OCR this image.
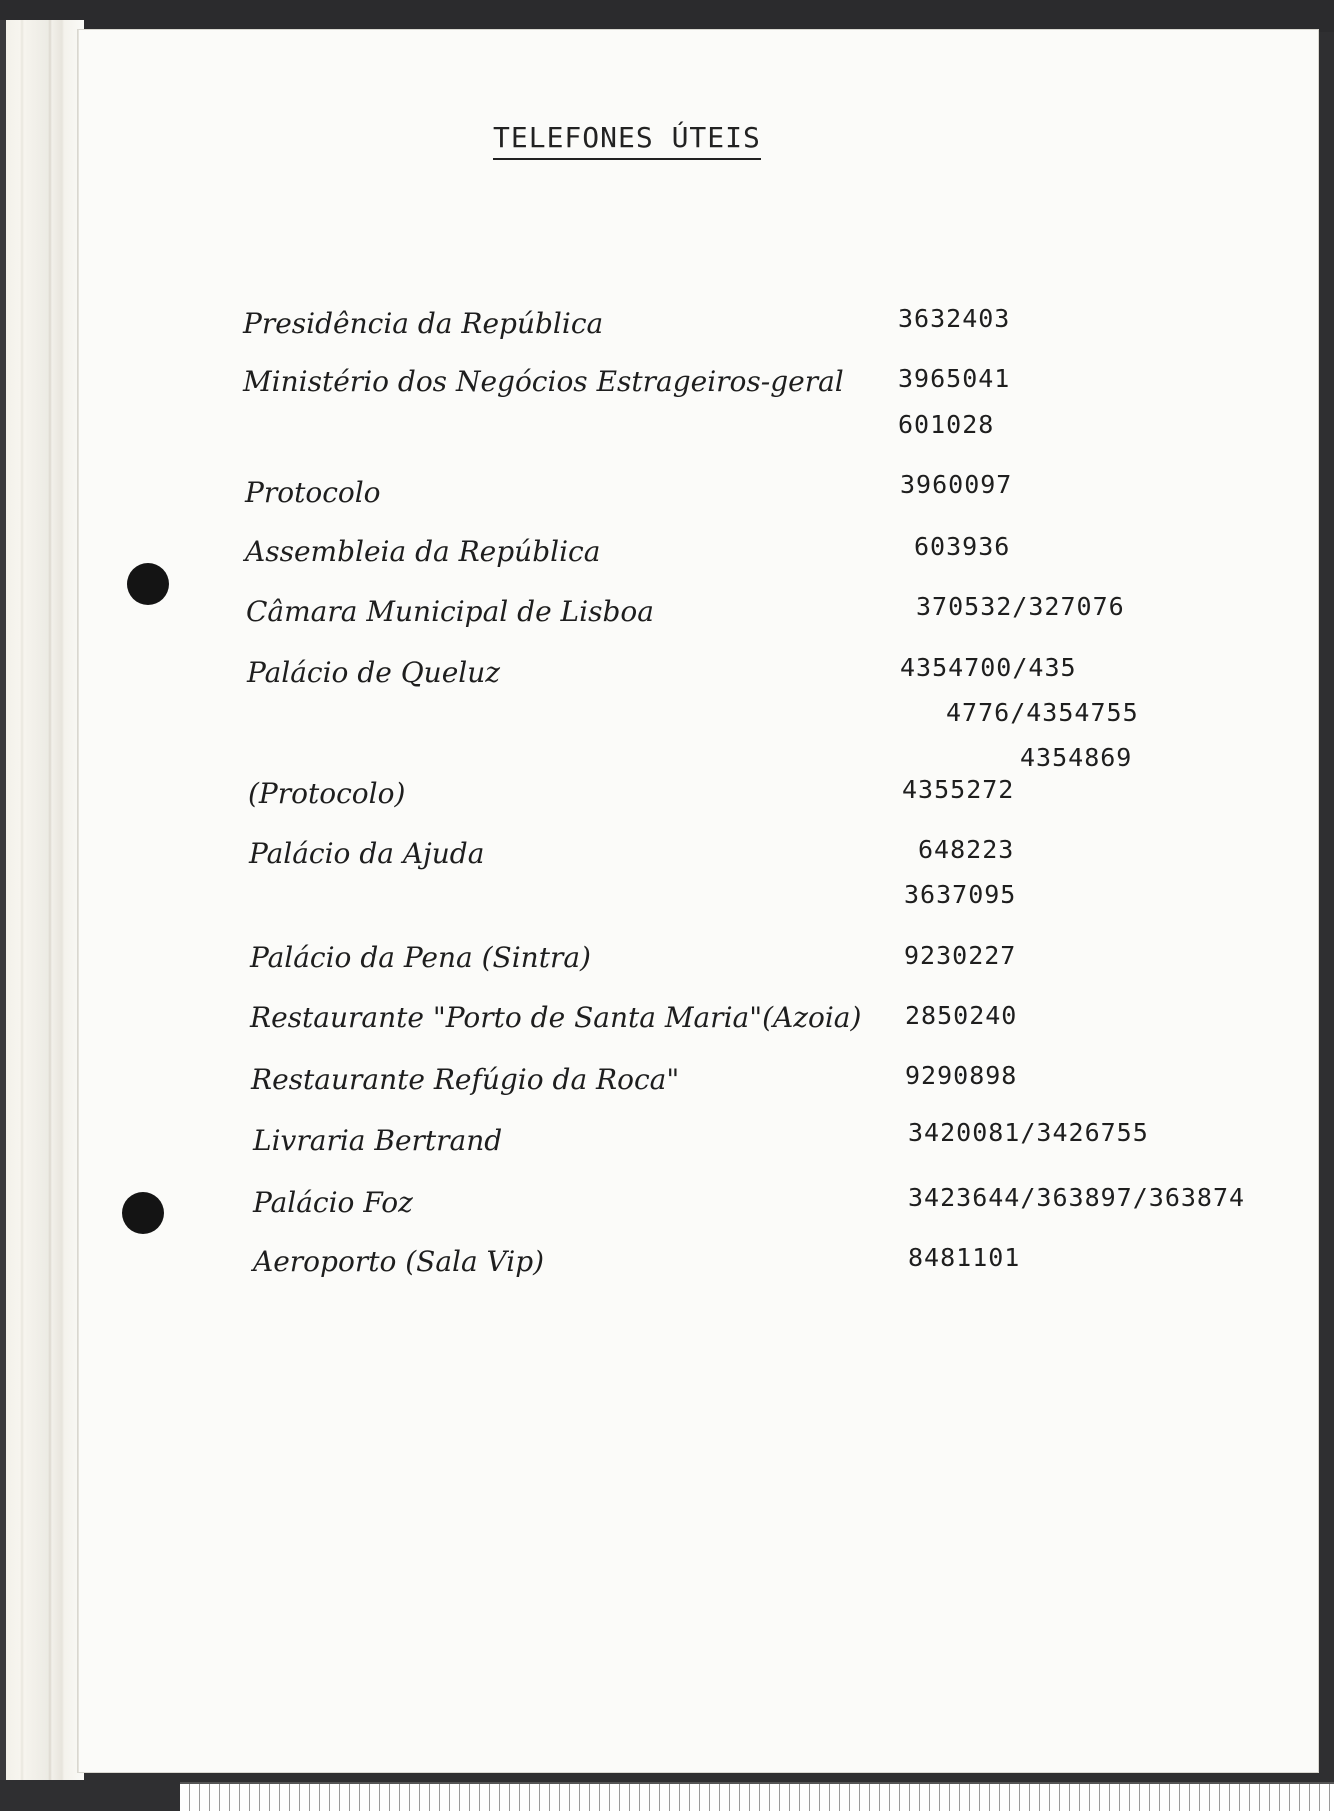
TELEFONES ÚTEIS
Presidência da República
Ministério dos Negócios Estrageiros-geral
Protocolo
Assembleia da República
Câmara Municipal de Lisboa
Palácio de Queluz
(Protocolo)
Palácio da Ajuda
Palácio da Pena (Sintra)
Restaurante "Porto de Santa Maria"(Azoia)
Restaurante Refúgio da Roca"
Livraria Bertrand
Palácio Foz
Aeroporto (Sala Vip)
3632403
3965041
601028
3960097
603936
370532/327076
4354700/435
4776/4354755
4354869
4355272
648223
3637095
9230227
2850240
9290898
3420081/3426755
3423644/363897/363874
8481101
